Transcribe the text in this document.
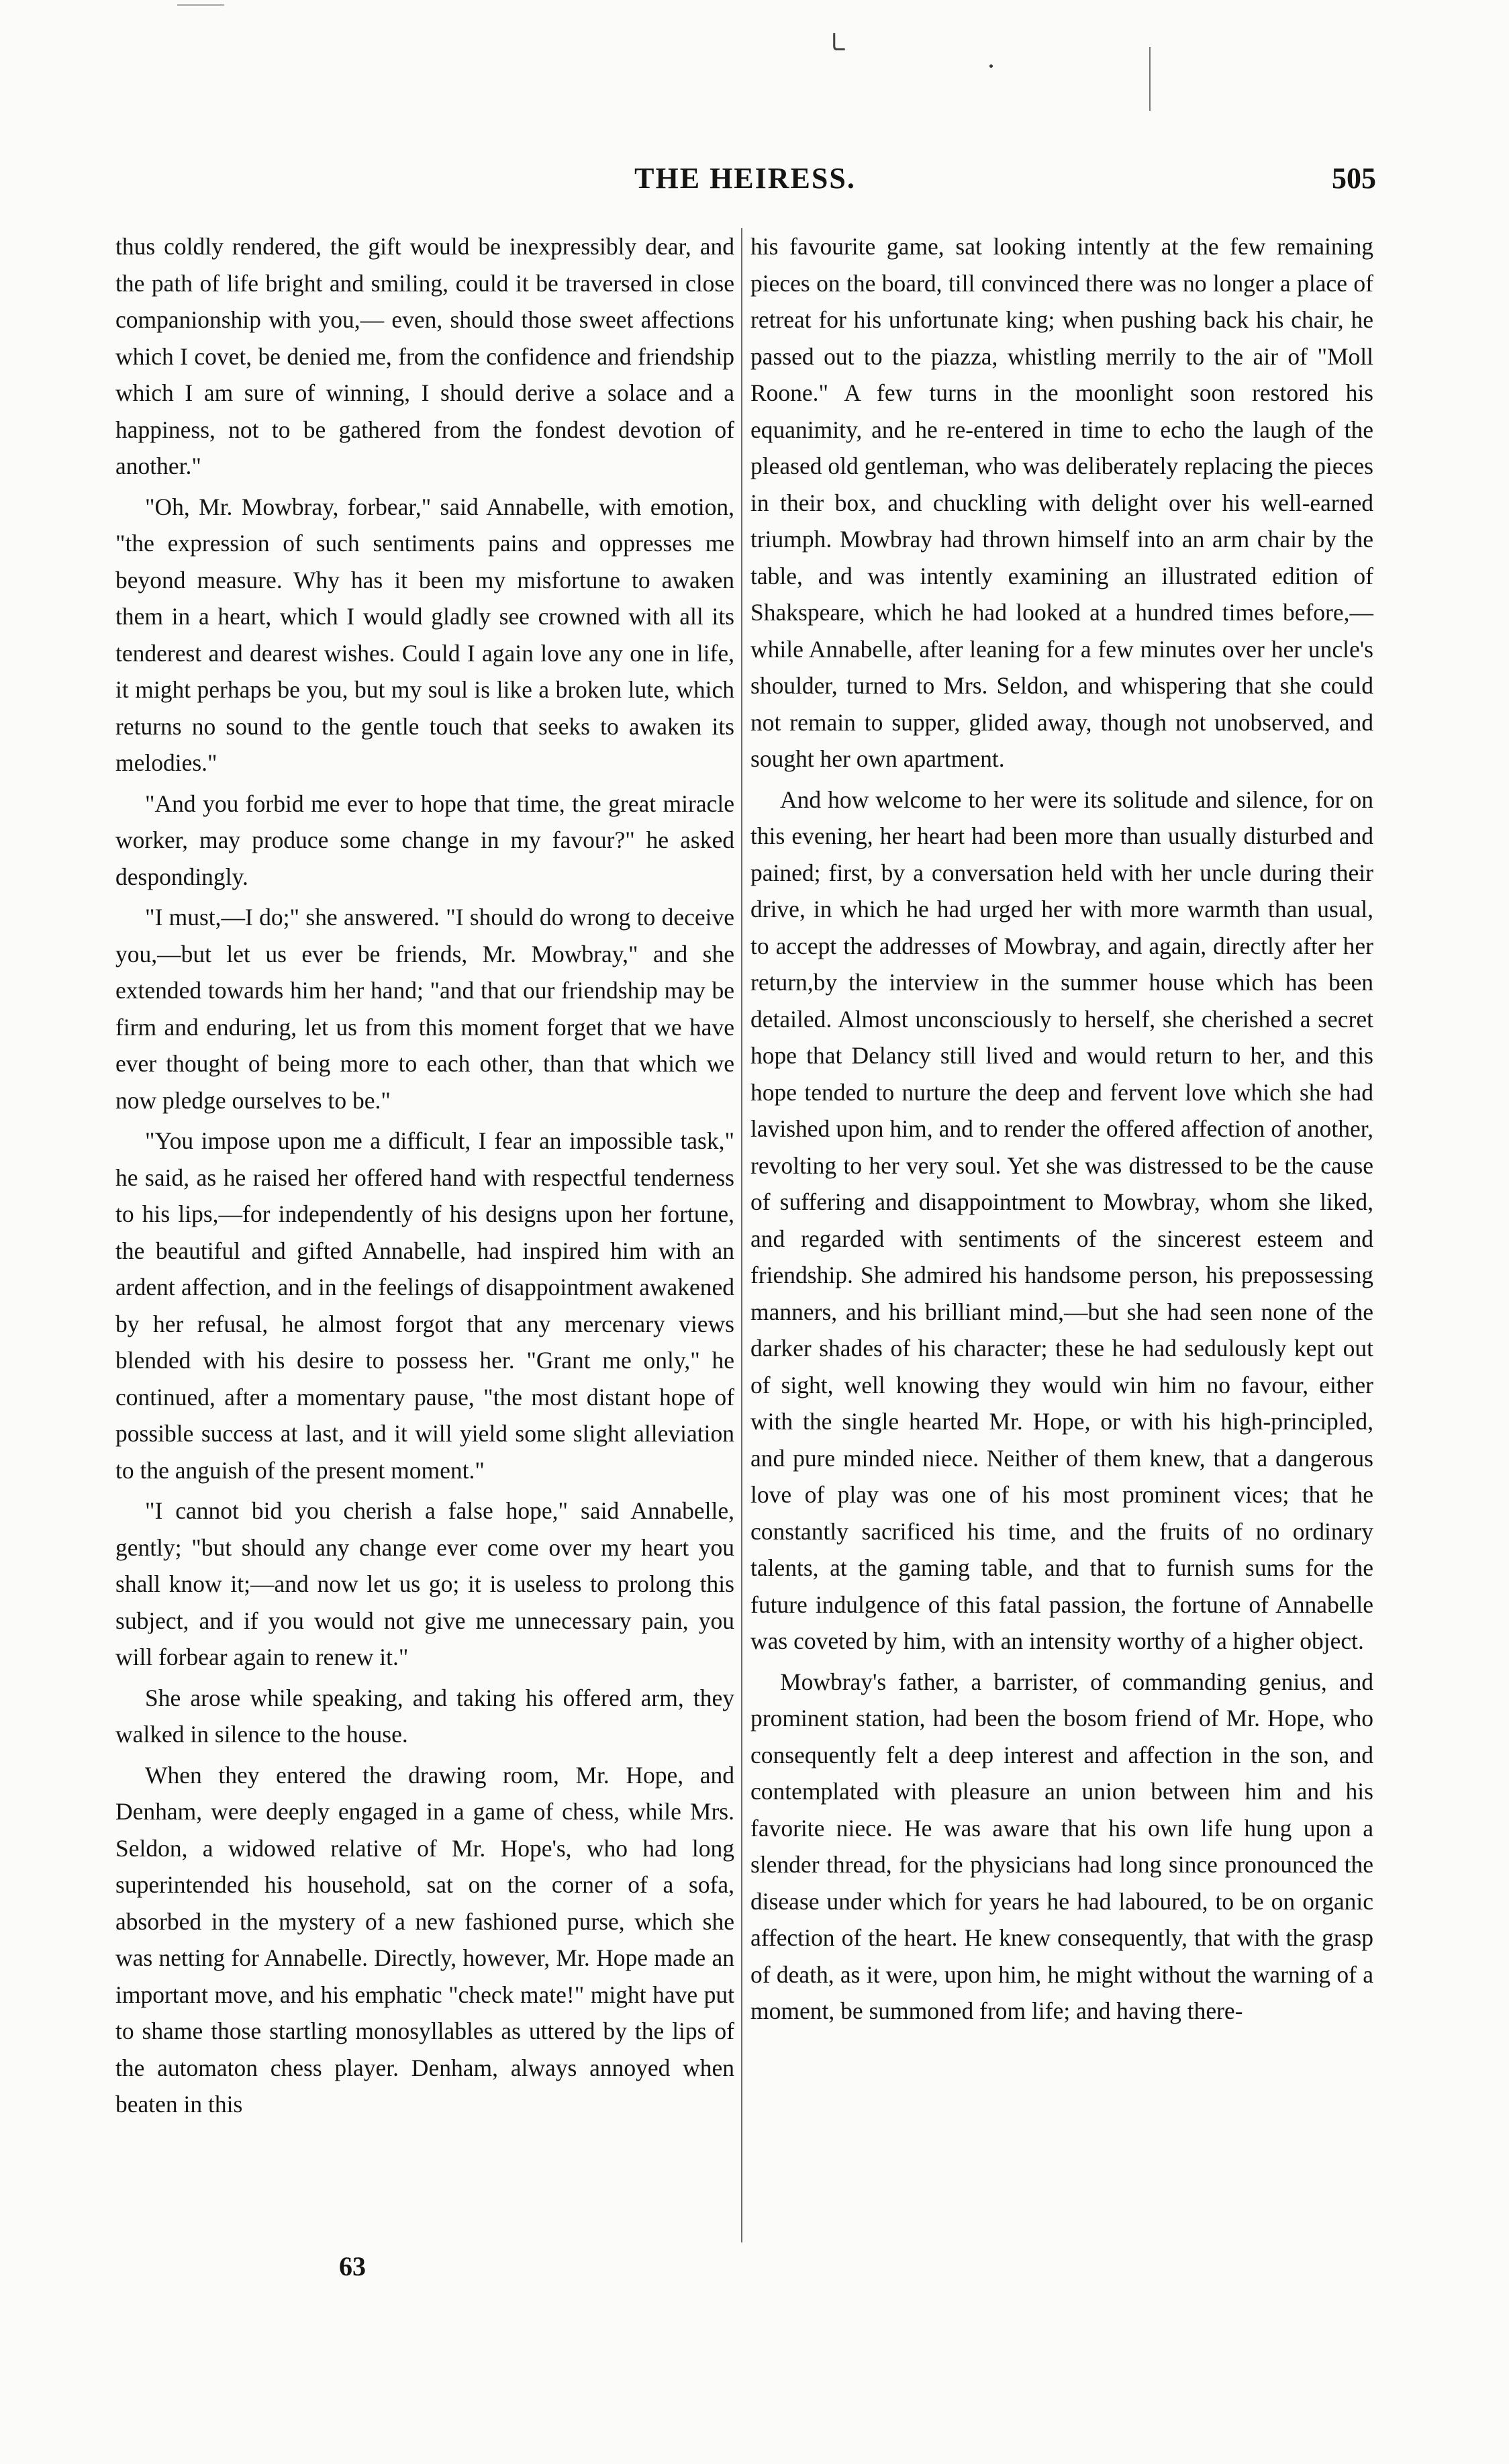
ـا
THE HEIRESS.	505

thus coldly rendered, the gift would be inexpressibly dear, and the path of life bright and smiling, could it be traversed in close companionship with you,— even, should those sweet affections which I covet, be denied me, from the confidence and friendship which I am sure of winning, I should derive a solace and a happiness, not to be gathered from the fondest devotion of another."

"Oh, Mr. Mowbray, forbear," said Annabelle, with emotion, "the expression of such sentiments pains and oppresses me beyond measure. Why has it been my misfortune to awaken them in a heart, which I would gladly see crowned with all its tenderest and dearest wishes. Could I again love any one in life, it might perhaps be you, but my soul is like a broken lute, which returns no sound to the gentle touch that seeks to awaken its melodies."

"And you forbid me ever to hope that time, the great miracle worker, may produce some change in my favour?" he asked despondingly.

"I must,—I do;" she answered. "I should do wrong to deceive you,—but let us ever be friends, Mr. Mowbray," and she extended towards him her hand; "and that our friendship may be firm and enduring, let us from this moment forget that we have ever thought of being more to each other, than that which we now pledge ourselves to be."

"You impose upon me a difficult, I fear an impossible task," he said, as he raised her offered hand with respectful tenderness to his lips,—for independently of his designs upon her fortune, the beautiful and gifted Annabelle, had inspired him with an ardent affection, and in the feelings of disappointment awakened by her refusal, he almost forgot that any mercenary views blended with his desire to possess her. "Grant me only," he continued, after a momentary pause, "the most distant hope of possible success at last, and it will yield some slight alleviation to the anguish of the present moment."

"I cannot bid you cherish a false hope," said Annabelle, gently; "but should any change ever come over my heart you shall know it;—and now let us go; it is useless to prolong this subject, and if you would not give me unnecessary pain, you will forbear again to renew it."

She arose while speaking, and taking his offered arm, they walked in silence to the house.

When they entered the drawing room, Mr. Hope, and Denham, were deeply engaged in a game of chess, while Mrs. Seldon, a widowed relative of Mr. Hope's, who had long superintended his household, sat on the corner of a sofa, absorbed in the mystery of a new fashioned purse, which she was netting for Annabelle. Directly, however, Mr. Hope made an important move, and his emphatic "check mate!" might have put to shame those startling monosyllables as uttered by the lips of the automaton chess player. Denham, always annoyed when beaten in this

his favourite game, sat looking intently at the few remaining pieces on the board, till convinced there was no longer a place of retreat for his unfortunate king; when pushing back his chair, he passed out to the piazza, whistling merrily to the air of "Moll Roone." A few turns in the moonlight soon restored his equanimity, and he re-entered in time to echo the laugh of the pleased old gentleman, who was deliberately replacing the pieces in their box, and chuckling with delight over his well-earned triumph. Mowbray had thrown himself into an arm chair by the table, and was intently examining an illustrated edition of Shakspeare, which he had looked at a hundred times before,—while Annabelle, after leaning for a few minutes over her uncle's shoulder, turned to Mrs. Seldon, and whispering that she could not remain to supper, glided away, though not unobserved, and sought her own apartment.

And how welcome to her were its solitude and silence, for on this evening, her heart had been more than usually disturbed and pained; first, by a conversation held with her uncle during their drive, in which he had urged her with more warmth than usual, to accept the addresses of Mowbray, and again, directly after her return,by the interview in the summer house which has been detailed. Almost unconsciously to herself, she cherished a secret hope that Delancy still lived and would return to her, and this hope tended to nurture the deep and fervent love which she had lavished upon him, and to render the offered affection of another, revolting to her very soul. Yet she was distressed to be the cause of suffering and disappointment to Mowbray, whom she liked, and regarded with sentiments of the sincerest esteem and friendship. She admired his handsome person, his prepossessing manners, and his brilliant mind,—but she had seen none of the darker shades of his character; these he had sedulously kept out of sight, well knowing they would win him no favour, either with the single hearted Mr. Hope, or with his high-principled, and pure minded niece. Neither of them knew, that a dangerous love of play was one of his most prominent vices; that he constantly sacrificed his time, and the fruits of no ordinary talents, at the gaming table, and that to furnish sums for the future indulgence of this fatal passion, the fortune of Annabelle was coveted by him, with an intensity worthy of a higher object.

Mowbray's father, a barrister, of commanding genius, and prominent station, had been the bosom friend of Mr. Hope, who consequently felt a deep interest and affection in the son, and contemplated with pleasure an union between him and his favorite niece. He was aware that his own life hung upon a slender thread, for the physicians had long since pronounced the disease under which for years he had laboured, to be on organic affection of the heart. He knew consequently, that with the grasp of death, as it were, upon him, he might without the warning of a moment, be summoned from life; and having there-

63
